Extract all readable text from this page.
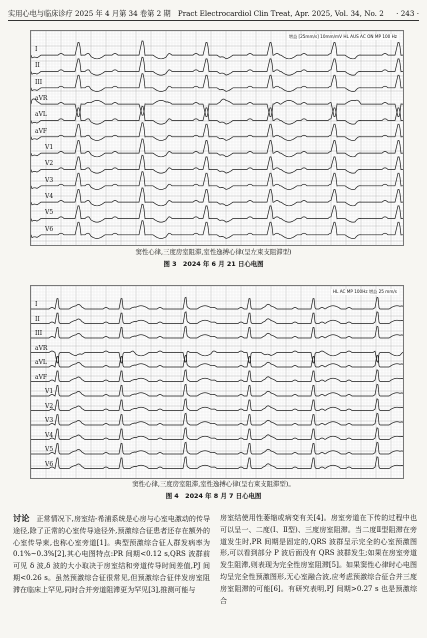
实用心电与临床诊疗 2025 年 4 月第 34 卷第 2 期　Pract Electrocardiol Clin Treat, Apr. 2025, Vol. 34, No. 2 · 243 ·
增益 [25mm/s] 10mm/mV HL AUS AC ON MP 100 Hz
I
II
III
aVR
aVL
aVF
V1
V2
V3
V4
V5
V6
窦性心律,三度房室阻滞,室性逸搏心律(呈左束支阻滞型)
图 3　2024 年 6 月 21 日心电图
HL AC MP 100Hz 增益 25 mm/s
I
II
III
aVR
aVL
aVF
V1
V2
V3
V4
V5
V6
窦性心律,三度房室阻滞,室性逸搏心律(呈右束支阻滞型)。
图 4　2024 年 8 月 7 日心电图

讨论　 正常情况下,房室结-希浦系统是心房与心室电激动的传导途径,除了正常的心室传导途径外,预激综合征患者还存在额外的心室传导束,也称心室旁道[1]。典型预激综合征人群发病率为 0.1%~0.3%[2],其心电图特点:PR 间期<0.12 s,QRS 波群前可见 δ 波,δ 波的大小取决于房室结和旁道传导时间差值,PJ 间期<0.26 s。虽然预激综合征很常见,但预激综合征伴发房室阻滞在临床上罕见,同时合并旁道阻滞更为罕见[3],推测可能与

房室结使用性萎缩或病变有关[4]。房室旁道在下传的过程中也可以呈一、二度(Ⅰ、Ⅱ型)、三度房室阻滞。当二度Ⅱ型阻滞在旁道发生时,PR 间期是固定的,QRS 波群呈示完全的心室预激图形,可以看到部分 P 波后面没有 QRS 波群发生;如果在房室旁道发生阻滞,则表现为完全性房室阻滞[5]。如果窦性心律时心电图均呈完全性预激图形,无心室融合波,应考虑预激综合征合并三度房室阻滞的可能[6]。有研究表明,PJ 间期>0.27 s 也是预激综合
